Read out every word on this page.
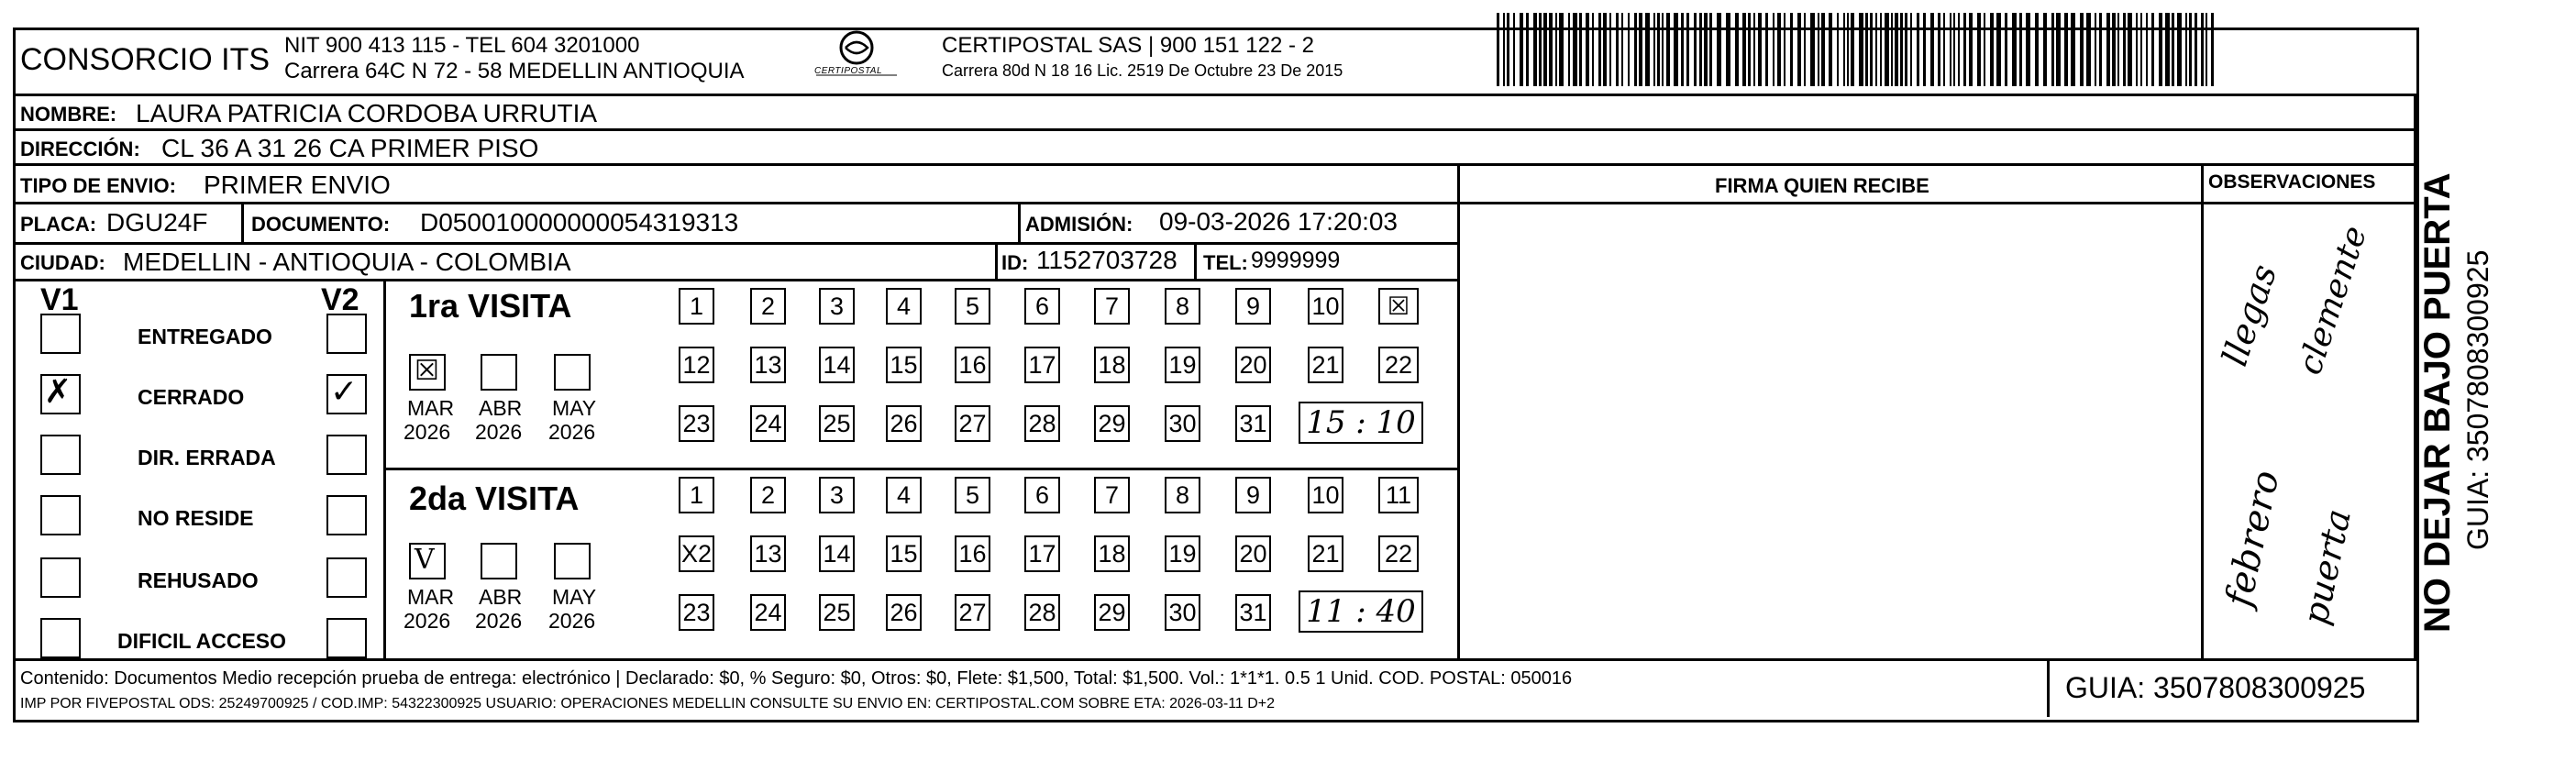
CONSORCIO ITS NIT 900 413 115 - TEL 604 3201000
Carrera 64C N 72 - 58 MEDELLIN ANTIOQUIA	CERTIPOSTAL
CERTIPOSTAL SAS | 900 151 122 - 2
Carrera 80d N 18 16 Lic. 2519 De Octubre 23 De 2015
NOMBRE: LAURA PATRICIA CORDOBA URRUTIA
DIRECCIÓN: CL 36 A 31 26 CA PRIMER PISO
TIPO DE ENVIO: PRIMER ENVIO	FIRMA QUIEN RECIBE	OBSERVACIONES
PLACA: DGU24F DOCUMENTO: D050010000000054319313	ADMISIÓN: 09-03-2026 17:20:03
CIUDAD: MEDELLIN - ANTIOQUIA - COLOMBIA	ID: 1152703728 TEL: 9999999
V1	V2
ENTREGADO
✗	CERRADO	✓
DIR. ERRADA
NO RESIDE
REHUSADO
DIFICIL ACCESO
1ra VISITA
2da VISITA
☒
MAR
2026
ABR
2026
MAY
2026
1	2	3	4	5	6	7	8	9	10	☒
12 13 14 15 16 17 18 19 20 21 22
23 24 25 26 27 28 29 30 31 15 : 10
V
MAR
2026
ABR
2026
MAY
2026
1	2	3	4	5	6	7	8	9	10 11
X2 13 14 15 16 17 18 19 20 21 22
23 24 25 26 27 28 29 30 31 11 : 40
llegas clemente
febrero puerta NO DEJAR BAJO PUERTA GUIA: 3507808300925
Contenido: Documentos Medio recepción prueba de entrega: electrónico | Declarado: $0, % Seguro: $0, Otros: $0, Flete: $1,500, Total: $1,500. Vol.: 1*1*1. 0.5 1 Unid. COD. POSTAL: 050016
IMP POR FIVEPOSTAL ODS: 25249700925 / COD.IMP: 54322300925 USUARIO: OPERACIONES MEDELLIN CONSULTE SU ENVIO EN: CERTIPOSTAL.COM SOBRE ETA: 2026-03-11 D+2	GUIA: 3507808300925
